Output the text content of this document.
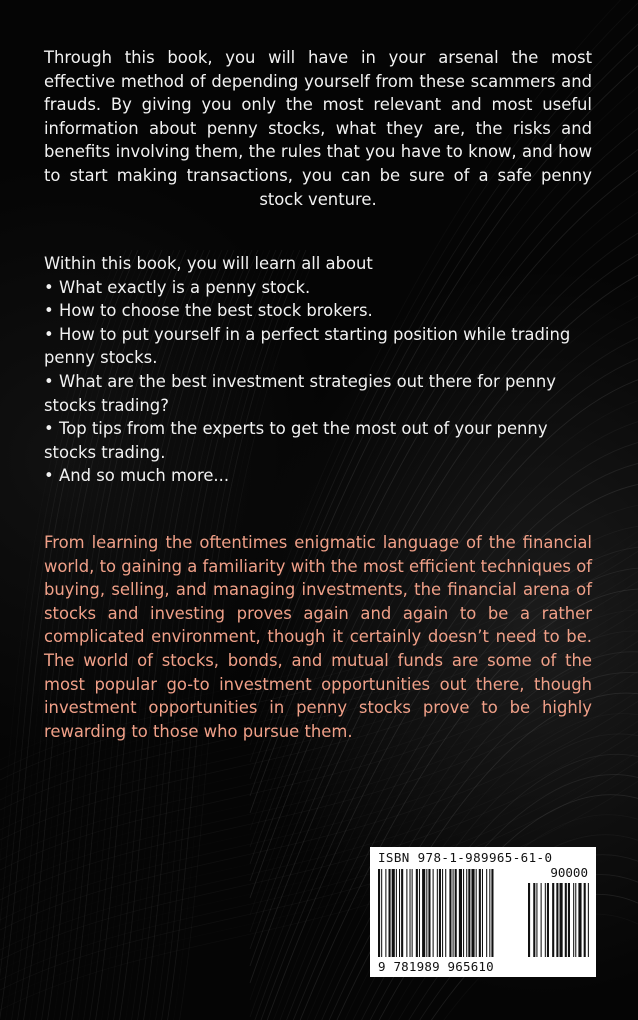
Through this book, you will have in your arsenal the most effective method of depending yourself from these scammers and frauds. By giving you only the most relevant and most useful information about penny stocks, what they are, the risks and benefits involving them, the rules that you have to know, and how to start making transactions, you can be sure of a safe penny stock venture.

Within this book, you will learn all about

• What exactly is a penny stock.
• How to choose the best stock brokers.
• How to put yourself in a perfect starting position while trading penny stocks.
• What are the best investment strategies out there for penny stocks trading?
• Top tips from the experts to get the most out of your penny stocks trading.
• And so much more...
From learning the oftentimes enigmatic language of the financial world, to gaining a familiarity with the most efficient techniques of buying, selling, and managing investments, the financial arena of stocks and investing proves again and again to be a rather complicated environment, though it certainly doesn’t need to be. The world of stocks, bonds, and mutual funds are some of the most popular go-to investment opportunities out there, though investment opportunities in penny stocks prove to be highly rewarding to those who pursue them.
ISBN 978-1-989965-61-0
90000
9 781989 965610
